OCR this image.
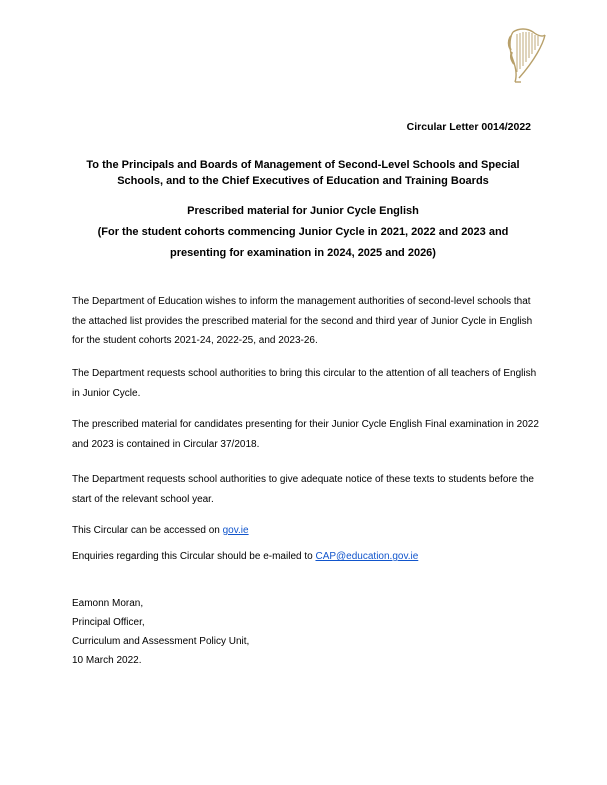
Circular Letter 0014/2022
To the Principals and Boards of Management of Second-Level Schools and Special Schools, and to the Chief Executives of Education and Training Boards
Prescribed material for Junior Cycle English
(For the student cohorts commencing Junior Cycle in 2021, 2022 and 2023 and presenting for examination in 2024, 2025 and 2026)
The Department of Education wishes to inform the management authorities of second-level schools that the attached list provides the prescribed material for the second and third year of Junior Cycle in English for the student cohorts 2021-24, 2022-25, and 2023-26.
The Department requests school authorities to bring this circular to the attention of all teachers of English in Junior Cycle.
The prescribed material for candidates presenting for their Junior Cycle English Final examination in 2022 and 2023 is contained in Circular 37/2018.
The Department requests school authorities to give adequate notice of these texts to students before the start of the relevant school year.
This Circular can be accessed on gov.ie
Enquiries regarding this Circular should be e-mailed to CAP@education.gov.ie
Eamonn Moran,
Principal Officer,
Curriculum and Assessment Policy Unit,
10 March 2022.
